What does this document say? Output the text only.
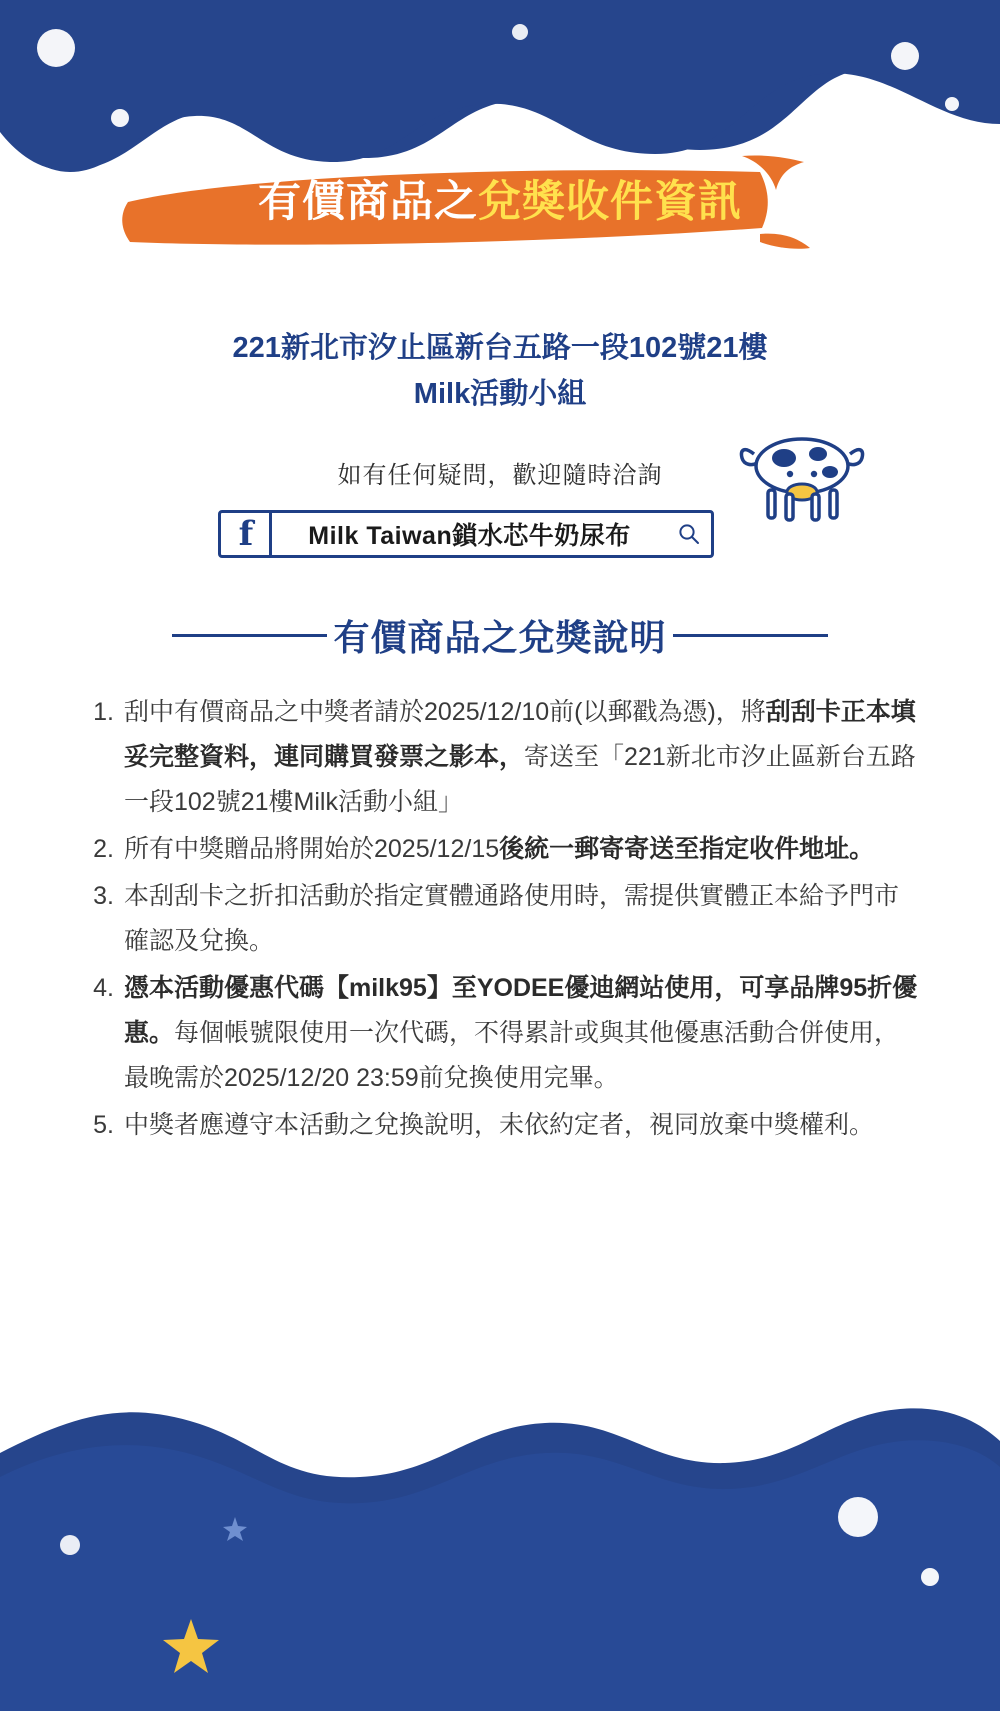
有價商品之兌獎收件資訊
221新北市汐止區新台五路一段102號21樓
Milk活動小組
如有任何疑問，歡迎隨時洽詢
f	Milk Taiwan鎖水芯牛奶尿布
有價商品之兌獎說明
1. 刮中有價商品之中獎者請於2025/12/10前(以郵戳為憑)，將刮刮卡正本填妥完整資料，連同購買發票之影本，寄送至「221新北市汐止區新台五路一段102號21樓Milk活動小組」
2. 所有中獎贈品將開始於2025/12/15後統一郵寄寄送至指定收件地址。
3. 本刮刮卡之折扣活動於指定實體通路使用時，需提供實體正本給予門市確認及兌換。
4. 憑本活動優惠代碼【milk95】至YODEE優迪網站使用，可享品牌95折優惠。每個帳號限使用一次代碼，不得累計或與其他優惠活動合併使用，最晚需於2025/12/20 23:59前兌換使用完畢。
5. 中獎者應遵守本活動之兌換說明，未依約定者，視同放棄中獎權利。
